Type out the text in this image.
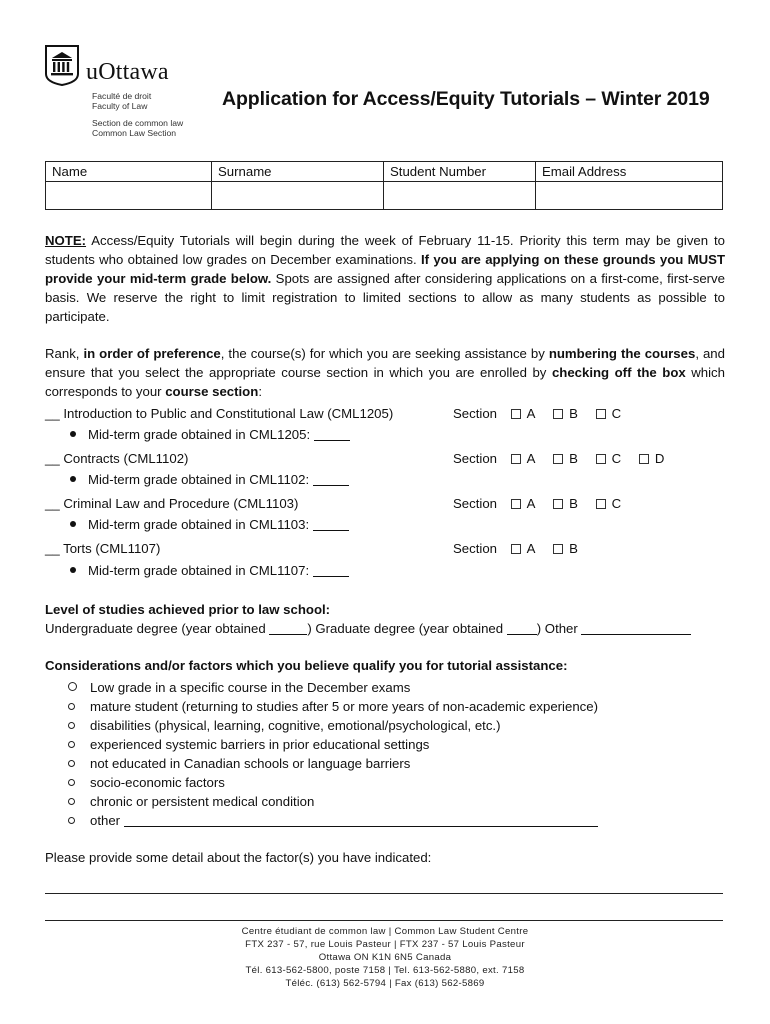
uOttawa
Faculté de droit
Faculty of Law
Section de common law
Common Law Section
Application for Access/Equity Tutorials – Winter 2019
Name	Surname	Student Number	Email Address

NOTE: Access/Equity Tutorials will begin during the week of February 11-15. Priority this term may be given to students who obtained low grades on December examinations. If you are applying on these grounds you MUST provide your mid-term grade below. Spots are assigned after considering applications on a first-come, first-serve basis. We reserve the right to limit registration to limited sections to allow as many students as possible to participate.
Rank, in order of preference, the course(s) for which you are seeking assistance by numbering the courses, and ensure that you select the appropriate course section in which you are enrolled by checking off the box which corresponds to your course section:
__ Introduction to Public and Constitutional Law (CML1205)	Section A	B	C
Mid-term grade obtained in CML1205:
__ Contracts (CML1102)	Section A	B	C	D
Mid-term grade obtained in CML1102:
__ Criminal Law and Procedure (CML1103)	Section A	B	C
Mid-term grade obtained in CML1103:
__ Torts (CML1107)	Section A	B
Mid-term grade obtained in CML1107:
Level of studies achieved prior to law school:
Undergraduate degree (year obtained	) Graduate degree (year obtained ) Other
Considerations and/or factors which you believe qualify you for tutorial assistance:
Low grade in a specific course in the December exams
mature student (returning to studies after 5 or more years of non-academic experience)
disabilities (physical, learning, cognitive, emotional/psychological, etc.)
experienced systemic barriers in prior educational settings
not educated in Canadian schools or language barriers
socio-economic factors
chronic or persistent medical condition
other
Please provide some detail about the factor(s) you have indicated:
Centre étudiant de common law | Common Law Student Centre
FTX 237 - 57, rue Louis Pasteur | FTX 237 - 57 Louis Pasteur
Ottawa ON K1N 6N5 Canada
Tél. 613-562-5800, poste 7158 | Tel. 613-562-5880, ext. 7158
Téléc. (613) 562-5794 | Fax (613) 562-5869
